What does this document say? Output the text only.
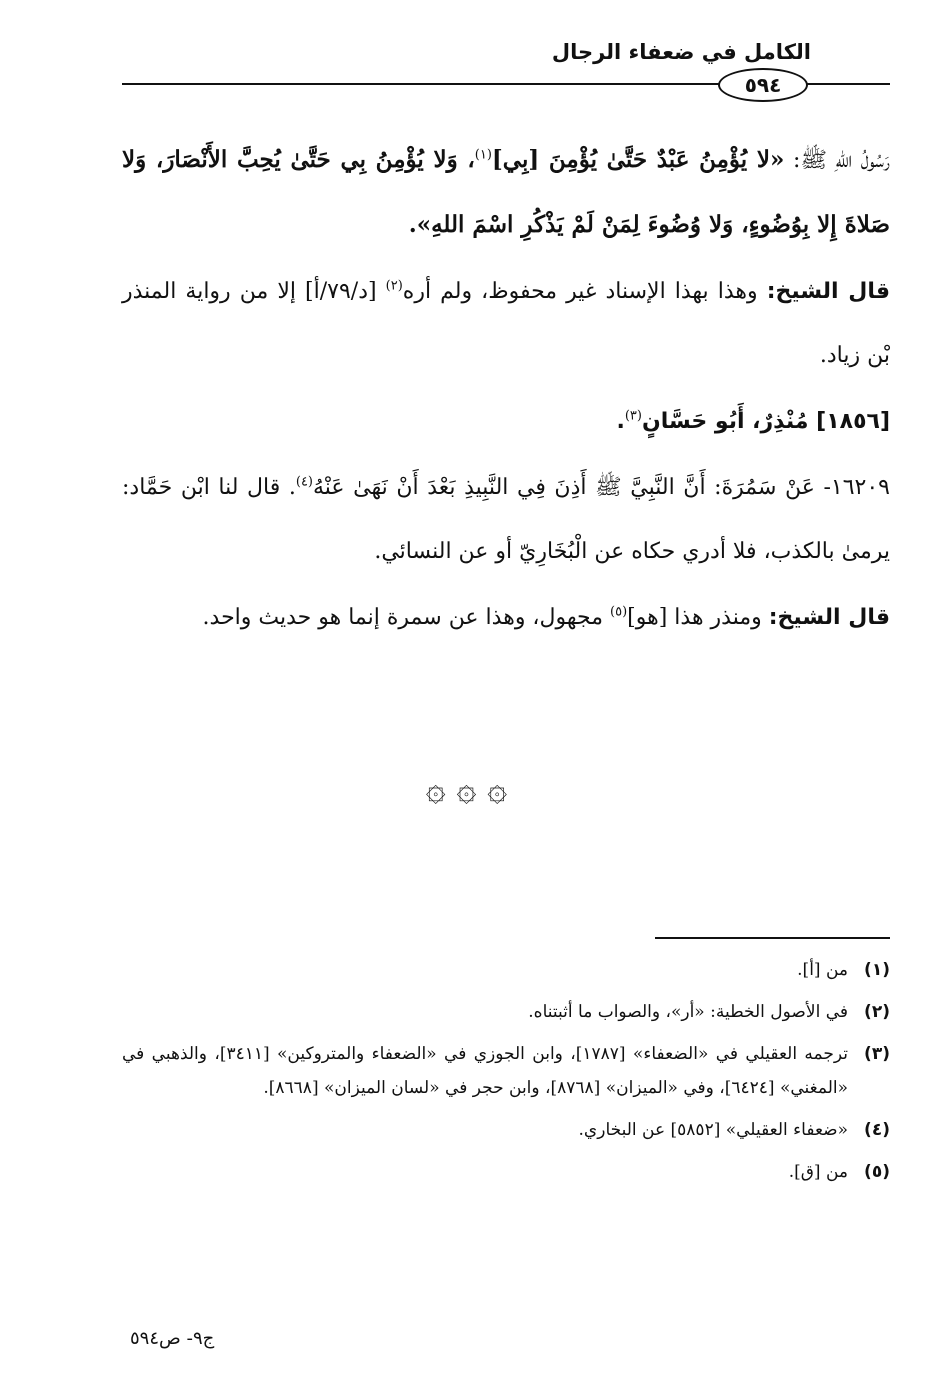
الكامل في ضعفاء الرجال
٥٩٤

رَسُولُ اللهِ ﷺ: «لا يُؤْمِنُ عَبْدٌ حَتَّىٰ يُؤْمِنَ [بِي]$^{(١)}$، وَلا يُؤْمِنُ بِي حَتَّىٰ يُحِبَّ الأَنْصَارَ، وَلا صَلاةَ إِلا بِوُضُوءٍ، وَلا وُضُوءَ لِمَنْ لَمْ يَذْكُرِ اسْمَ اللهِ».

قال الشيخ: وهذا بهذا الإسناد غير محفوظ، ولم أره$^{(٢)}$ [د/٧٩/أ] إلا من رواية المنذر بْن زياد.

[١٨٥٦] مُنْذِرٌ، أَبُو حَسَّانٍ$^{(٣)}$.

١٦٢٠٩- عَنْ سَمُرَةَ: أَنَّ النَّبِيَّ ﷺ أَذِنَ فِي النَّبِيذِ بَعْدَ أَنْ نَهَىٰ عَنْهُ$^{(٤)}$. قال لنا ابْن حَمَّاد: يرمىٰ بالكذب، فلا أدري حكاه عن الْبُخَارِيّ أو عن النسائي.

قال الشيخ: ومنذر هذا [هو]$^{(٥)}$ مجهول، وهذا عن سمرة إنما هو حديث واحد.

۞ ۞ ۞
(١)
من [أ].
(٢)
في الأصول الخطية: «أر»، والصواب ما أثبتناه.
(٣)
ترجمه العقيلي في «الضعفاء» [١٧٨٧]، وابن الجوزي في «الضعفاء والمتروكين» [٣٤١١]، والذهبي في «المغني» [٦٤٢٤]، وفي «الميزان» [٨٧٦٨]، وابن حجر في «لسان الميزان» [٨٦٦٨].
(٤)
«ضعفاء العقيلي» [٥٨٥٢] عن البخاري.
(٥)
من [ق].
ج٩- ص٥٩٤
